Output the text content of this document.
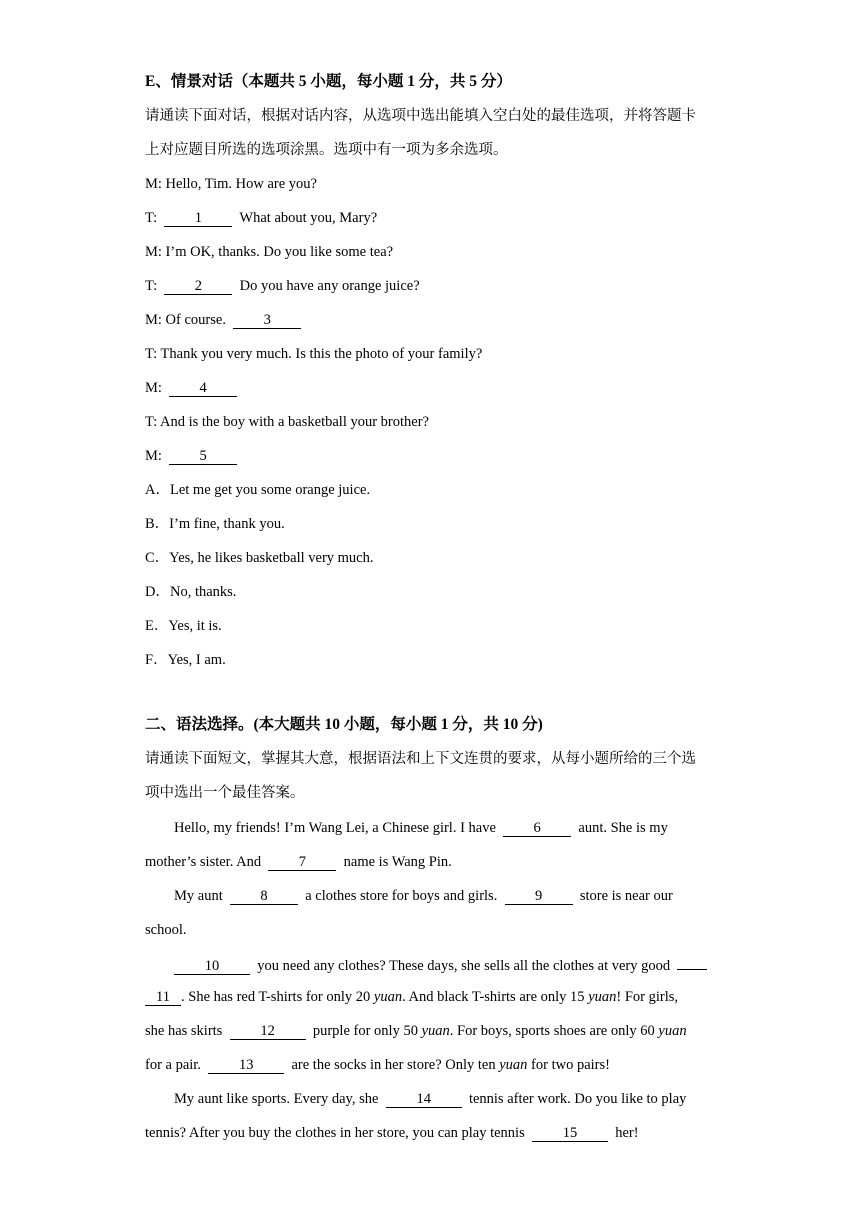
E、情景对话（本题共 5 小题，每小题 1 分，共 5 分）
请通读下面对话，根据对话内容，从选项中选出能填入空白处的最佳选项，并将答题卡
上对应题目所选的选项涂黑。选项中有一项为多余选项。
M: Hello, Tim. How are you?
T:	1	What about you, Mary?
M: I’m OK, thanks. Do you like some tea?
T:	2	Do you have any orange juice?
M: Of course.	3
T: Thank you very much. Is this the photo of your family?
M:	4
T: And is the boy with a basketball your brother?
M:	5
A．Let me get you some orange juice.
B．I’m fine, thank you.
C．Yes, he likes basketball very much.
D．No, thanks.
E．Yes, it is.
F．Yes, I am.
二、语法选择。(本大题共 10 小题，每小题 1 分，共 10 分)
请通读下面短文，掌握其大意，根据语法和上下文连贯的要求，从每小题所给的三个选
项中选出一个最佳答案。
Hello, my friends! I’m Wang Lei, a Chinese girl. I have	6	aunt. She is my
mother’s sister. And	7	name is Wang Pin.
My aunt	8	a clothes store for boys and girls.	9	store is near our
school.
10	you need any clothes? These days, she sells all the clothes at very good
11 . She has red T-shirts for only 20 yuan. And black T-shirts are only 15 yuan! For girls,
she has skirts	12	purple for only 50 yuan. For boys, sports shoes are only 60 yuan
for a pair.	13	are the socks in her store? Only ten yuan for two pairs!
My aunt like sports. Every day, she	14	tennis after work. Do you like to play
tennis? After you buy the clothes in her store, you can play tennis	15	her!
